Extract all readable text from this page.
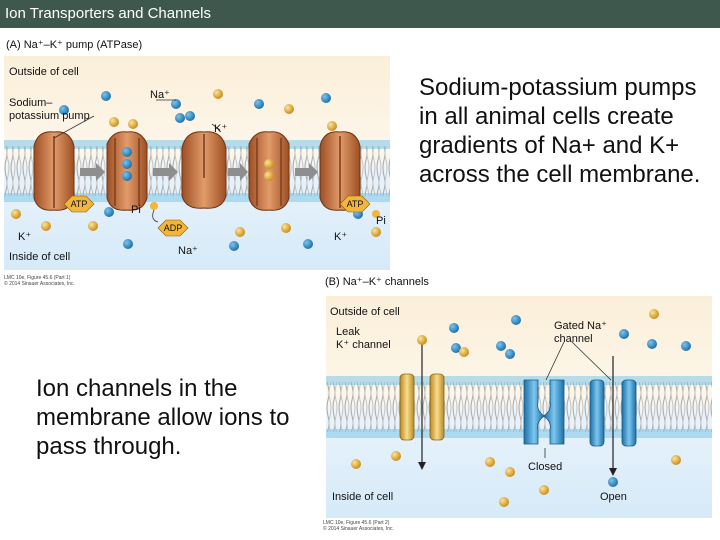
Ion Transporters and Channels
(A) Na⁺–K⁺ pump (ATPase)
ATP	ATP
ADP
Outside of cell
Inside of cell
Sodium–
potassium pump
Na⁺
K⁺
Pi
Pi
K⁺	K⁺
Na⁺
LMC 10e, Figure 45.6 (Part 1)
© 2014 Sinauer Associates, Inc.	(B) Na⁺–K⁺ channels
Outside of cell
Inside of cell
Leak
K⁺ channel
Gated Na⁺
channel
Closed
Open
LMC 10e, Figure 45.6 (Part 2)
© 2014 Sinauer Associates, Inc.
Sodium-potassium pumps in all animal cells create gradients of Na+ and K+ across the cell membrane.
Ion channels in the membrane allow ions to pass through.
